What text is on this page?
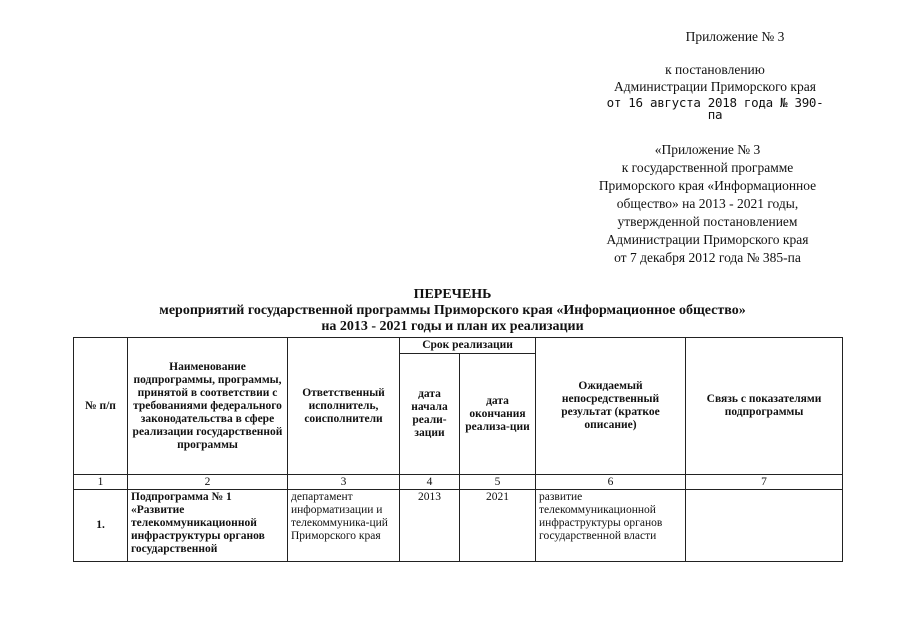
Приложение № 3
к постановлению
Администрации Приморского края
от 16 августа 2018 года № 390-па
«Приложение № 3
к государственной программе
Приморского края «Информационное
общество» на 2013 - 2021 годы,
утвержденной постановлением
Администрации Приморского края
от 7 декабря 2012 года № 385-па
ПЕРЕЧЕНЬ
мероприятий государственной программы Приморского края «Информационное общество»
на 2013 - 2021 годы и план их реализации
№ п/п	Наименование подпрограммы, программы, принятой в соответствии с требованиями федерального законодательства в сфере реализации государственной программы	Ответственный исполнитель, соисполнители	Срок реализации		Ожидаемый непосредственный результат (краткое описание)	Связь с показателями подпрограммы
			дата начала реали-зации	дата окончания реализа-ции		
1	2	3	4	5	6	7
1.	Подпрограмма № 1 «Развитие телекоммуникационной инфраструктуры органов государственной	департамент информатизации и телекоммуника-ций Приморского края	2013	2021	развитие телекоммуникационной инфраструктуры органов государственной власти	
